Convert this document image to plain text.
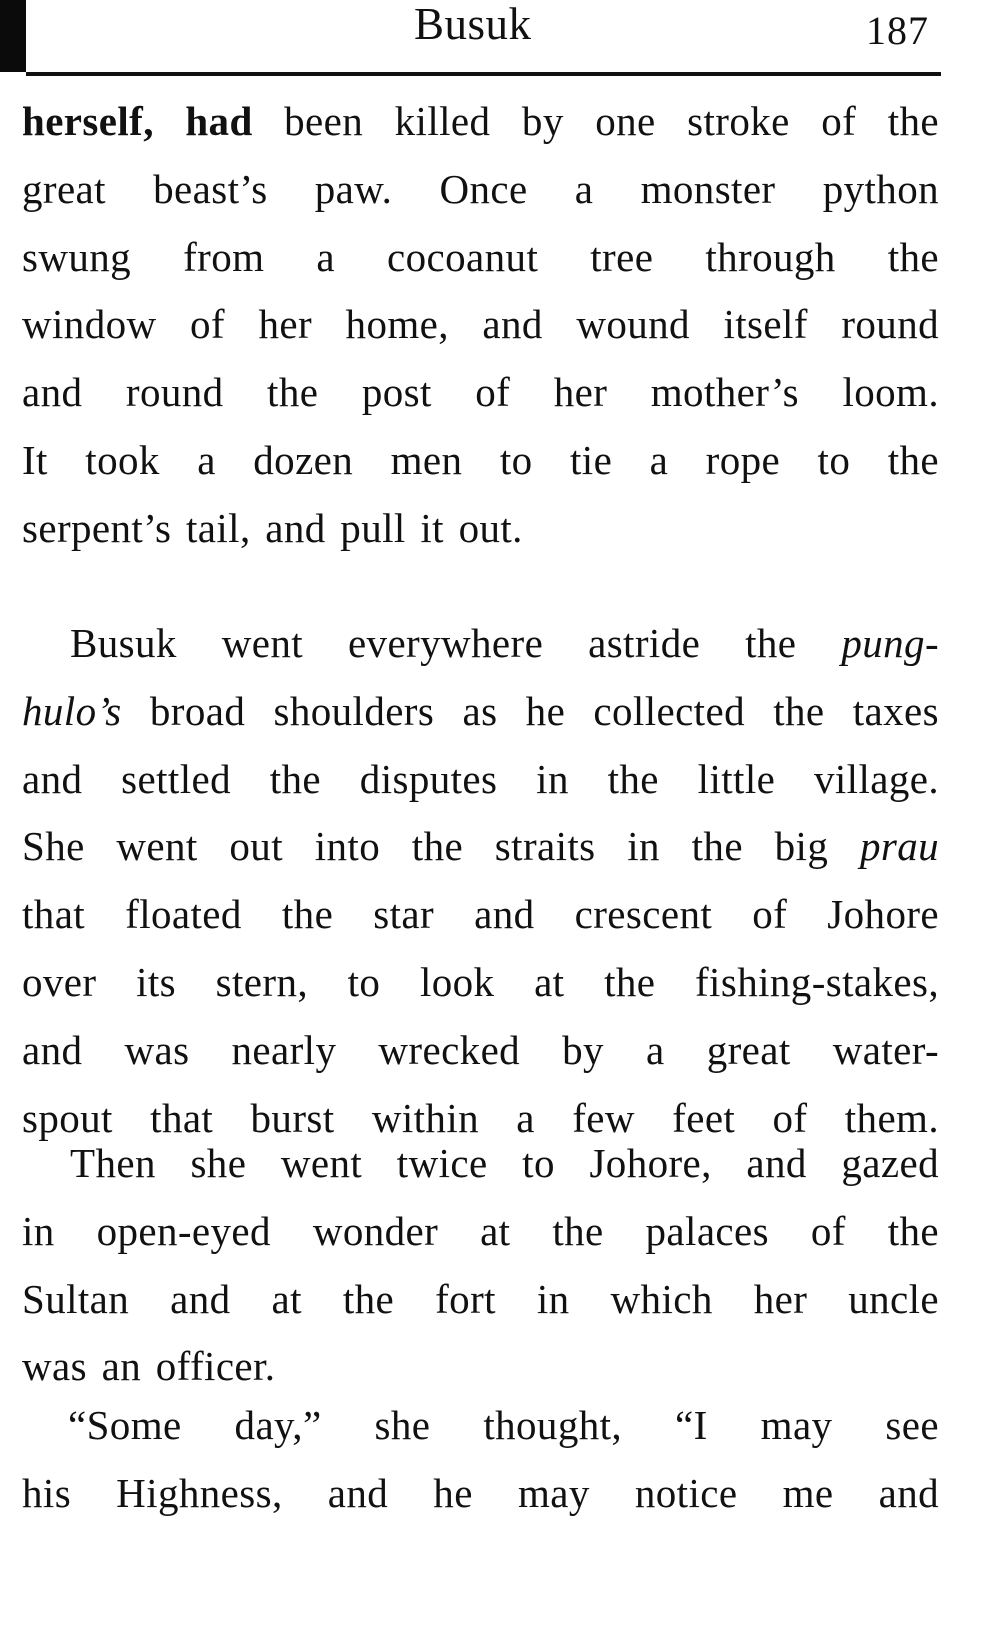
Busuk	187
herself, had been killed by one stroke of the
great beast’s paw. Once a monster python
swung from a cocoanut tree through the
window of her home, and wound itself round
and round the post of her mother’s loom.
It took a dozen men to tie a rope to the
serpent’s tail, and pull it out.
Busuk went everywhere astride the pung-
hulo’s broad shoulders as he collected the taxes
and settled the disputes in the little village.
She went out into the straits in the big prau
that floated the star and crescent of Johore
over its stern, to look at the fishing-stakes,
and was nearly wrecked by a great water-
spout that burst within a few feet of them.
Then she went twice to Johore, and gazed
in open-eyed wonder at the palaces of the
Sultan and at the fort in which her uncle
was an officer.
“Some day,” she thought, “I may see
his Highness, and he may notice me and
